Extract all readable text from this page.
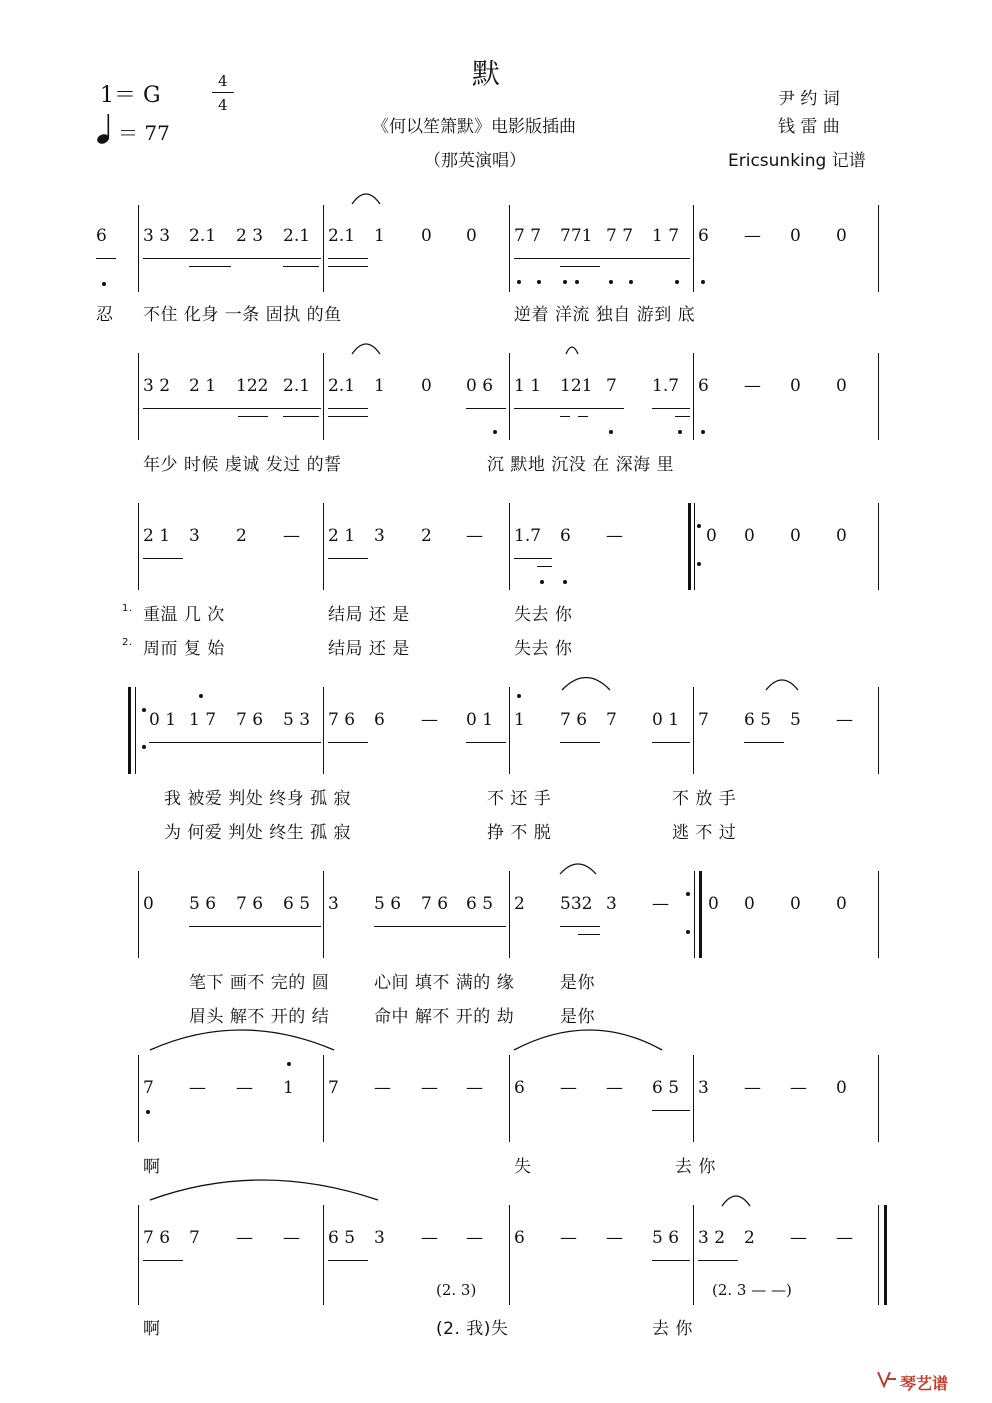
默
《何以笙箫默》电影版插曲
（那英演唱）
1＝ G
4
4
＝ 77
尹 约 词
钱 雷 曲
Ericsunking 记谱
6 3 3 2.1 2 3 2.1 2.1 1 0 0 7 7 771 7 7 1 7 6 — 0 0
忍 不住 化身 一条 固执 的鱼	逆着 洋流 独自 游到 底
3 2 2 1 122 2.1 2.1 1 0 0 6 1 1 121 7 1.7 6 — 0 0
年少 时候 虔诚 发过 的誓	沉 默地 沉没 在 深海 里
2 1 3 2 — 2 1 3 2 — 1.7 6 —	0 0 0 0
1. 重温 几 次	结局 还 是	失去 你
2. 周而 复 始	结局 还 是	失去 你
0 1 1 7 7 6 5 3 7 6 6 — 0 1 1 7 6 7 0 1 7 6 5 5 —
我 被爱 判处 终身 孤 寂	不 还 手	不 放 手
为 何爱 判处 终生 孤 寂	挣 不 脱	逃 不 过
0 5 6 7 6 6 5 3 5 6 7 6 6 5 2 532 3 — 0 0 0 0
笔下 画不 完的 圆	心间 填不 满的 缘	是你
眉头 解不 开的 结	命中 解不 开的 劫	是你
7 — — 1 7 — — — 6 — — 6 5 3 — — 0
啊	失	去 你
7 6 7 — — 6 5 3 — —
(2. 3)
6 — — 5 6 3 2 2 — —
(2. 3 — —)
啊	(2. 我)失	去 你
琴艺谱
